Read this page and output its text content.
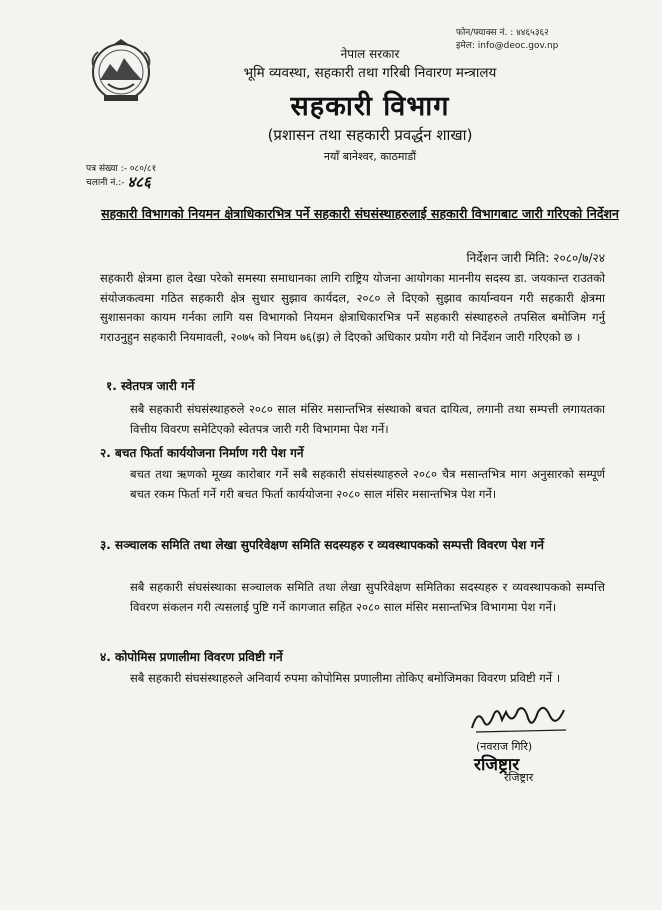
फोन/फ्याक्स नं. : ४४६५३६२
इमेल: info@deoc.gov.np
नेपाल सरकार
भूमि व्यवस्था, सहकारी तथा गरिबी निवारण मन्त्रालय
सहकारी विभाग
(प्रशासन तथा सहकारी प्रवर्द्धन शाखा)
नयाँ बानेश्वर, काठमाडौं
पत्र संख्या :- ०८०/८१
चलानी नं.:- ४८६
सहकारी विभागको नियमन क्षेत्राधिकारभित्र पर्ने सहकारी संघसंस्थाहरुलाई सहकारी विभागबाट जारी गरिएको निर्देशन
निर्देशन जारी मिति: २०८०/७/२४
सहकारी क्षेत्रमा हाल देखा परेको समस्या समाधानका लागि राष्ट्रिय योजना आयोगका माननीय सदस्य डा. जयकान्त राउतको संयोजकत्वमा गठित सहकारी क्षेत्र सुधार सुझाव कार्यदल, २०८० ले दिएको सुझाव कार्यान्वयन गरी सहकारी क्षेत्रमा सुशासनका कायम गर्नका लागि यस विभागको नियमन क्षेत्राधिकारभित्र पर्ने सहकारी संस्थाहरुले तपसिल बमोजिम गर्नु गराउनुहुन सहकारी नियमावली, २०७५ को नियम ७६(झ) ले दिएको अधिकार प्रयोग गरी यो निर्देशन जारी गरिएको छ ।
१. स्वेतपत्र जारी गर्ने
सबै सहकारी संघसंस्थाहरुले २०८० साल मंसिर मसान्तभित्र संस्थाको बचत दायित्व, लगानी तथा सम्पत्ती लगायतका वित्तीय विवरण समेटिएको स्वेतपत्र जारी गरी विभागमा पेश गर्ने।
२. बचत फिर्ता कार्ययोजना निर्माण गरी पेश गर्ने
बचत तथा ऋणको मूख्य कारोबार गर्ने सबै सहकारी संघसंस्थाहरुले २०८० चैत्र मसान्तभित्र माग अनुसारको सम्पूर्ण बचत रकम फिर्ता गर्ने गरी बचत फिर्ता कार्ययोजना २०८० साल मंसिर मसान्तभित्र पेश गर्ने।
३. सञ्चालक समिति तथा लेखा सुपरिवेक्षण समिति सदस्यहरु र व्यवस्थापकको सम्पत्ती विवरण पेश गर्ने
सबै सहकारी संघसंस्थाका सञ्चालक समिति तथा लेखा सुपरिवेक्षण समितिका सदस्यहरु र व्यवस्थापकको सम्पत्ति विवरण संकलन गरी त्यसलाई पुष्टि गर्ने कागजात सहित २०८० साल मंसिर मसान्तभित्र विभागमा पेश गर्ने।
४. कोपोमिस प्रणालीमा विवरण प्रविष्टी गर्ने
सबै सहकारी संघसंस्थाहरुले अनिवार्य रुपमा कोपोमिस प्रणालीमा तोकिए बमोजिमका विवरण प्रविष्टी गर्ने ।
(नवराज गिरि)
रजिष्ट्रार
रजिष्ट्रार
